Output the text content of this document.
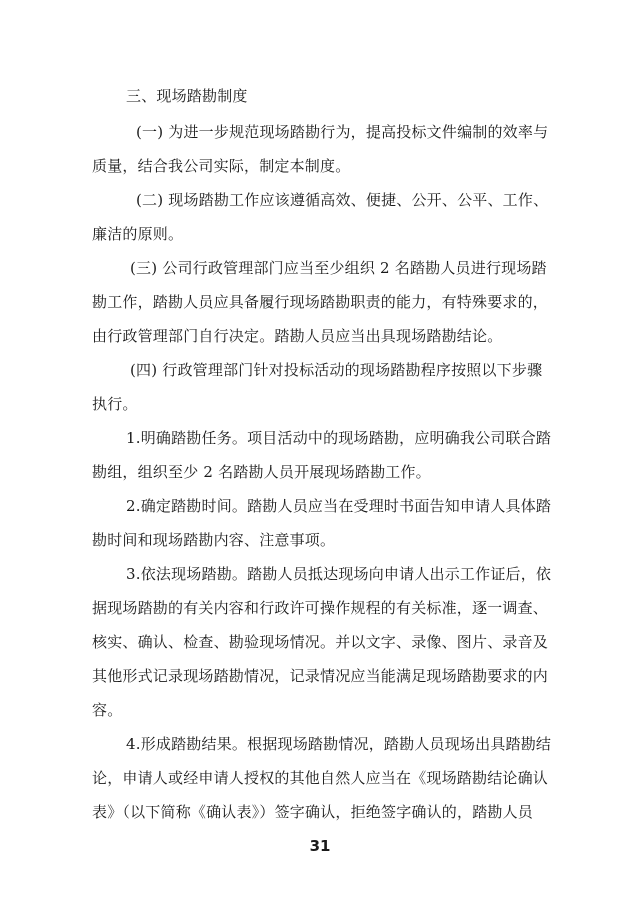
三、现场踏勘制度
(一) 为进一步规范现场踏勘行为，提高投标文件编制的效率与
质量，结合我公司实际，制定本制度。
(二) 现场踏勘工作应该遵循高效、便捷、公开、公平、工作、
廉洁的原则。
(三) 公司行政管理部门应当至少组织 2 名踏勘人员进行现场踏
勘工作，踏勘人员应具备履行现场踏勘职责的能力，有特殊要求的，
由行政管理部门自行决定。踏勘人员应当出具现场踏勘结论。
(四) 行政管理部门针对投标活动的现场踏勘程序按照以下步骤
执行。
1.明确踏勘任务。项目活动中的现场踏勘，应明确我公司联合踏
勘组，组织至少 2 名踏勘人员开展现场踏勘工作。
2.确定踏勘时间。踏勘人员应当在受理时书面告知申请人具体踏
勘时间和现场踏勘内容、注意事项。
3.依法现场踏勘。踏勘人员抵达现场向申请人出示工作证后，依
据现场踏勘的有关内容和行政许可操作规程的有关标准，逐一调查、
核实、确认、检查、勘验现场情况。并以文字、录像、图片、录音及
其他形式记录现场踏勘情况，记录情况应当能满足现场踏勘要求的内
容。
4.形成踏勘结果。根据现场踏勘情况，踏勘人员现场出具踏勘结
论，申请人或经申请人授权的其他自然人应当在《现场踏勘结论确认
表》（以下简称《确认表》）签字确认，拒绝签字确认的，踏勘人员
31
